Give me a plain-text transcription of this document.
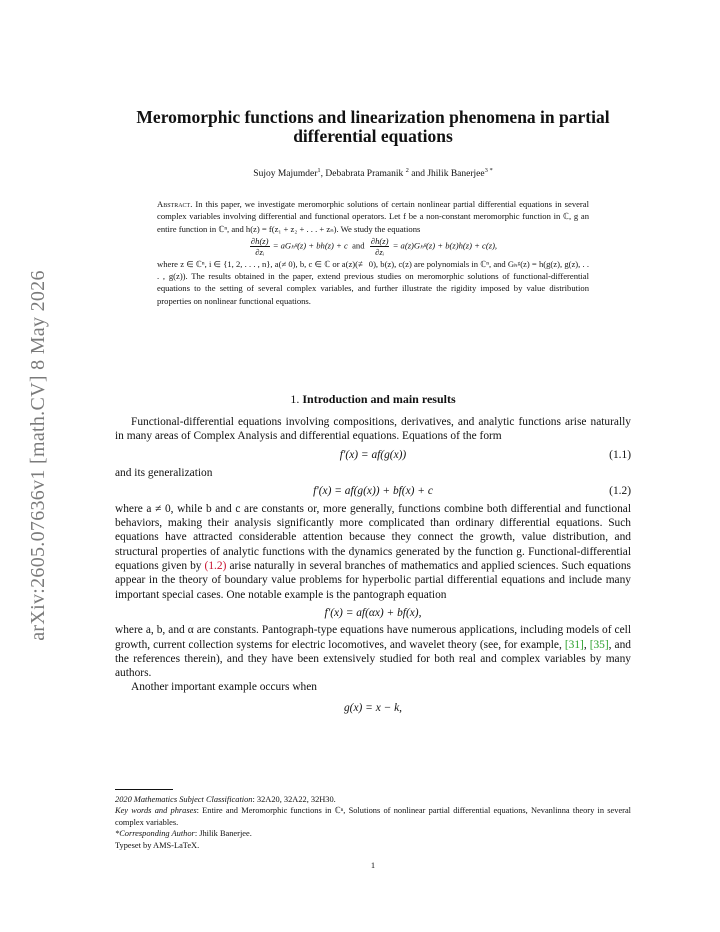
arXiv:2605.07636v1 [math.CV] 8 May 2026
Meromorphic functions and linearization phenomena in partial differential equations
Sujoy Majumder$^1$, Debabrata Pramanik $^2$ and Jhilik Banerjee$^{3 *}$
Abstract. In this paper, we investigate meromorphic solutions of certain nonlinear partial differential equations in several complex variables involving differential and functional operators. Let f be a non-constant meromorphic function in ℂ, g an entire function in ℂⁿ, and h(z) = f(z₁ + z₂ + . . . + zₙ). We study the equations
$\frac{\partial h(z)}{\text{∂zᵢ}}$ = aGₕᵍ(z) + bh(z) + c and $\frac{\partial h(z)}{\text{∂zᵢ}}$ = a(z)Gₕᵍ(z) + b(z)h(z) + c(z),
where z ∈ ℂⁿ, i ∈ {1, 2, . . . , n}, a(≠ 0), b, c ∈ ℂ or a(z)(≢ 0), b(z), c(z) are polynomials in ℂⁿ, and Gₕᵍ(z) = h(g(z), g(z), . . . , g(z)). The results obtained in the paper, extend previous studies on meromorphic solutions of functional-differential equations to the setting of several complex variables, and further illustrate the rigidity imposed by value distribution properties on nonlinear functional equations.
1. Introduction and main results

Functional-differential equations involving compositions, derivatives, and analytic functions arise naturally in many areas of Complex Analysis and differential equations. Equations of the form

f′(x) = af(g(x))	(1.1)

and its generalization

f′(x) = af(g(x)) + bf(x) + c	(1.2)

where a ≠ 0, while b and c are constants or, more generally, functions combine both differential and functional behaviors, making their analysis significantly more complicated than ordinary differential equations. Such equations have attracted considerable attention because they connect the growth, value distribution, and structural properties of analytic functions with the dynamics generated by the function g. Functional-differential equations given by (1.2) arise naturally in several branches of mathematics and applied sciences. Such equations appear in the theory of boundary value problems for hyperbolic partial differential equations and include many important special cases. One notable example is the pantograph equation

f′(x) = af(αx) + bf(x),

where a, b, and α are constants. Pantograph-type equations have numerous applications, including models of cell growth, current collection systems for electric locomotives, and wavelet theory (see, for example, [31], [35], and the references therein), and they have been extensively studied for both real and complex variables by many authors.

Another important example occurs when

g(x) = x − k,

2020 Mathematics Subject Classification: 32A20, 32A22, 32H30.

Key words and phrases: Entire and Meromorphic functions in ℂⁿ, Solutions of nonlinear partial differential equations, Nevanlinna theory in several complex variables.

*Corresponding Author: Jhilik Banerjee.

Typeset by AMS-LaTeX.

1
